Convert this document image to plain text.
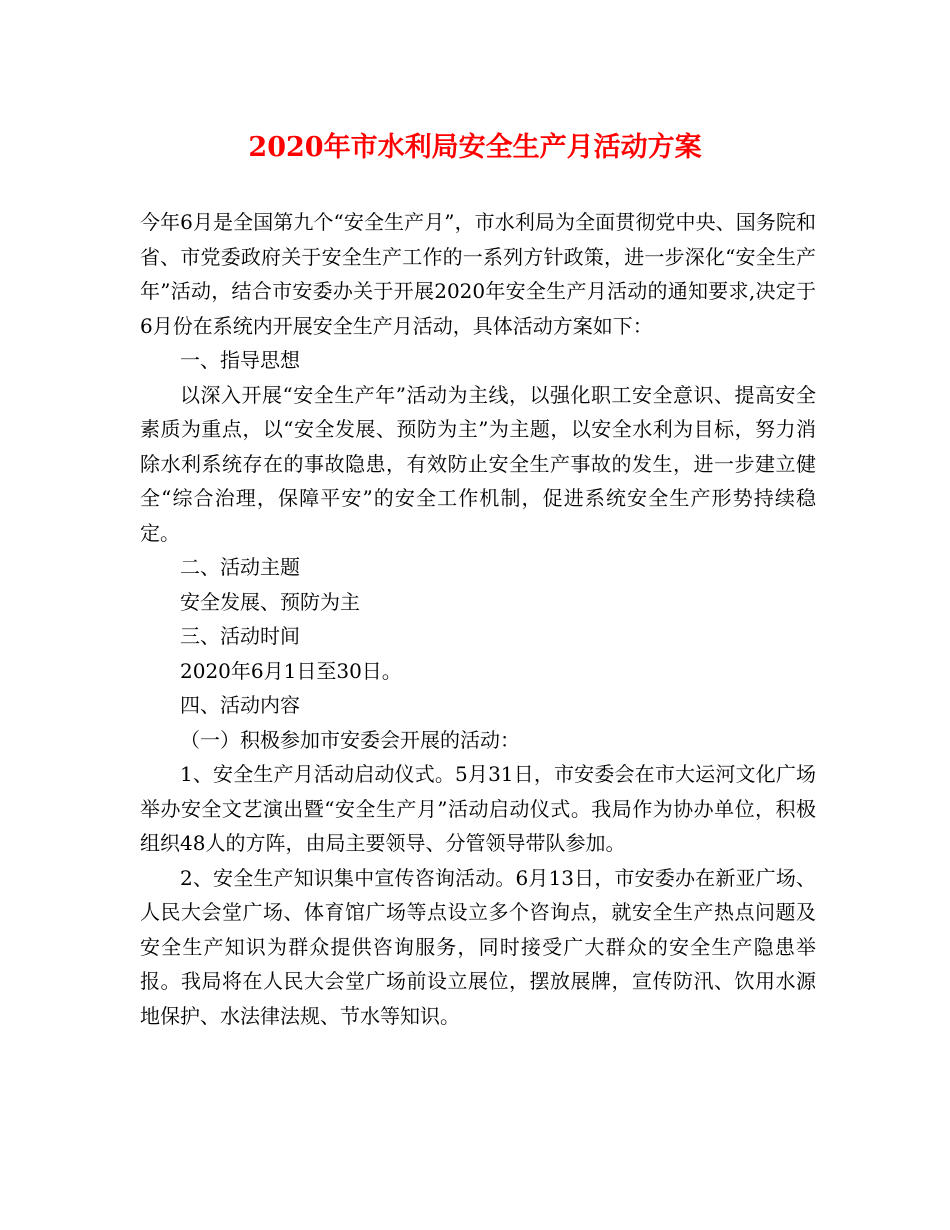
2020年市水利局安全生产月活动方案

今年6月是全国第九个“安全生产月”，市水利局为全面贯彻党中央、国务院和省、市党委政府关于安全生产工作的一系列方针政策，进一步深化“安全生产年”活动，结合市安委办关于开展2020年安全生产月活动的通知要求,决定于6月份在系统内开展安全生产月活动，具体活动方案如下：

一、指导思想

以深入开展“安全生产年”活动为主线，以强化职工安全意识、提高安全素质为重点，以“安全发展、预防为主”为主题，以安全水利为目标，努力消除水利系统存在的事故隐患，有效防止安全生产事故的发生，进一步建立健全“综合治理，保障平安”的安全工作机制，促进系统安全生产形势持续稳定。

二、活动主题

安全发展、预防为主

三、活动时间

2020年6月1日至30日。

四、活动内容

（一）积极参加市安委会开展的活动：

1、安全生产月活动启动仪式。5月31日，市安委会在市大运河文化广场举办安全文艺演出暨“安全生产月”活动启动仪式。我局作为协办单位，积极组织48人的方阵，由局主要领导、分管领导带队参加。

2、安全生产知识集中宣传咨询活动。6月13日，市安委办在新亚广场、人民大会堂广场、体育馆广场等点设立多个咨询点，就安全生产热点问题及安全生产知识为群众提供咨询服务，同时接受广大群众的安全生产隐患举报。我局将在人民大会堂广场前设立展位，摆放展牌，宣传防汛、饮用水源地保护、水法律法规、节水等知识。
